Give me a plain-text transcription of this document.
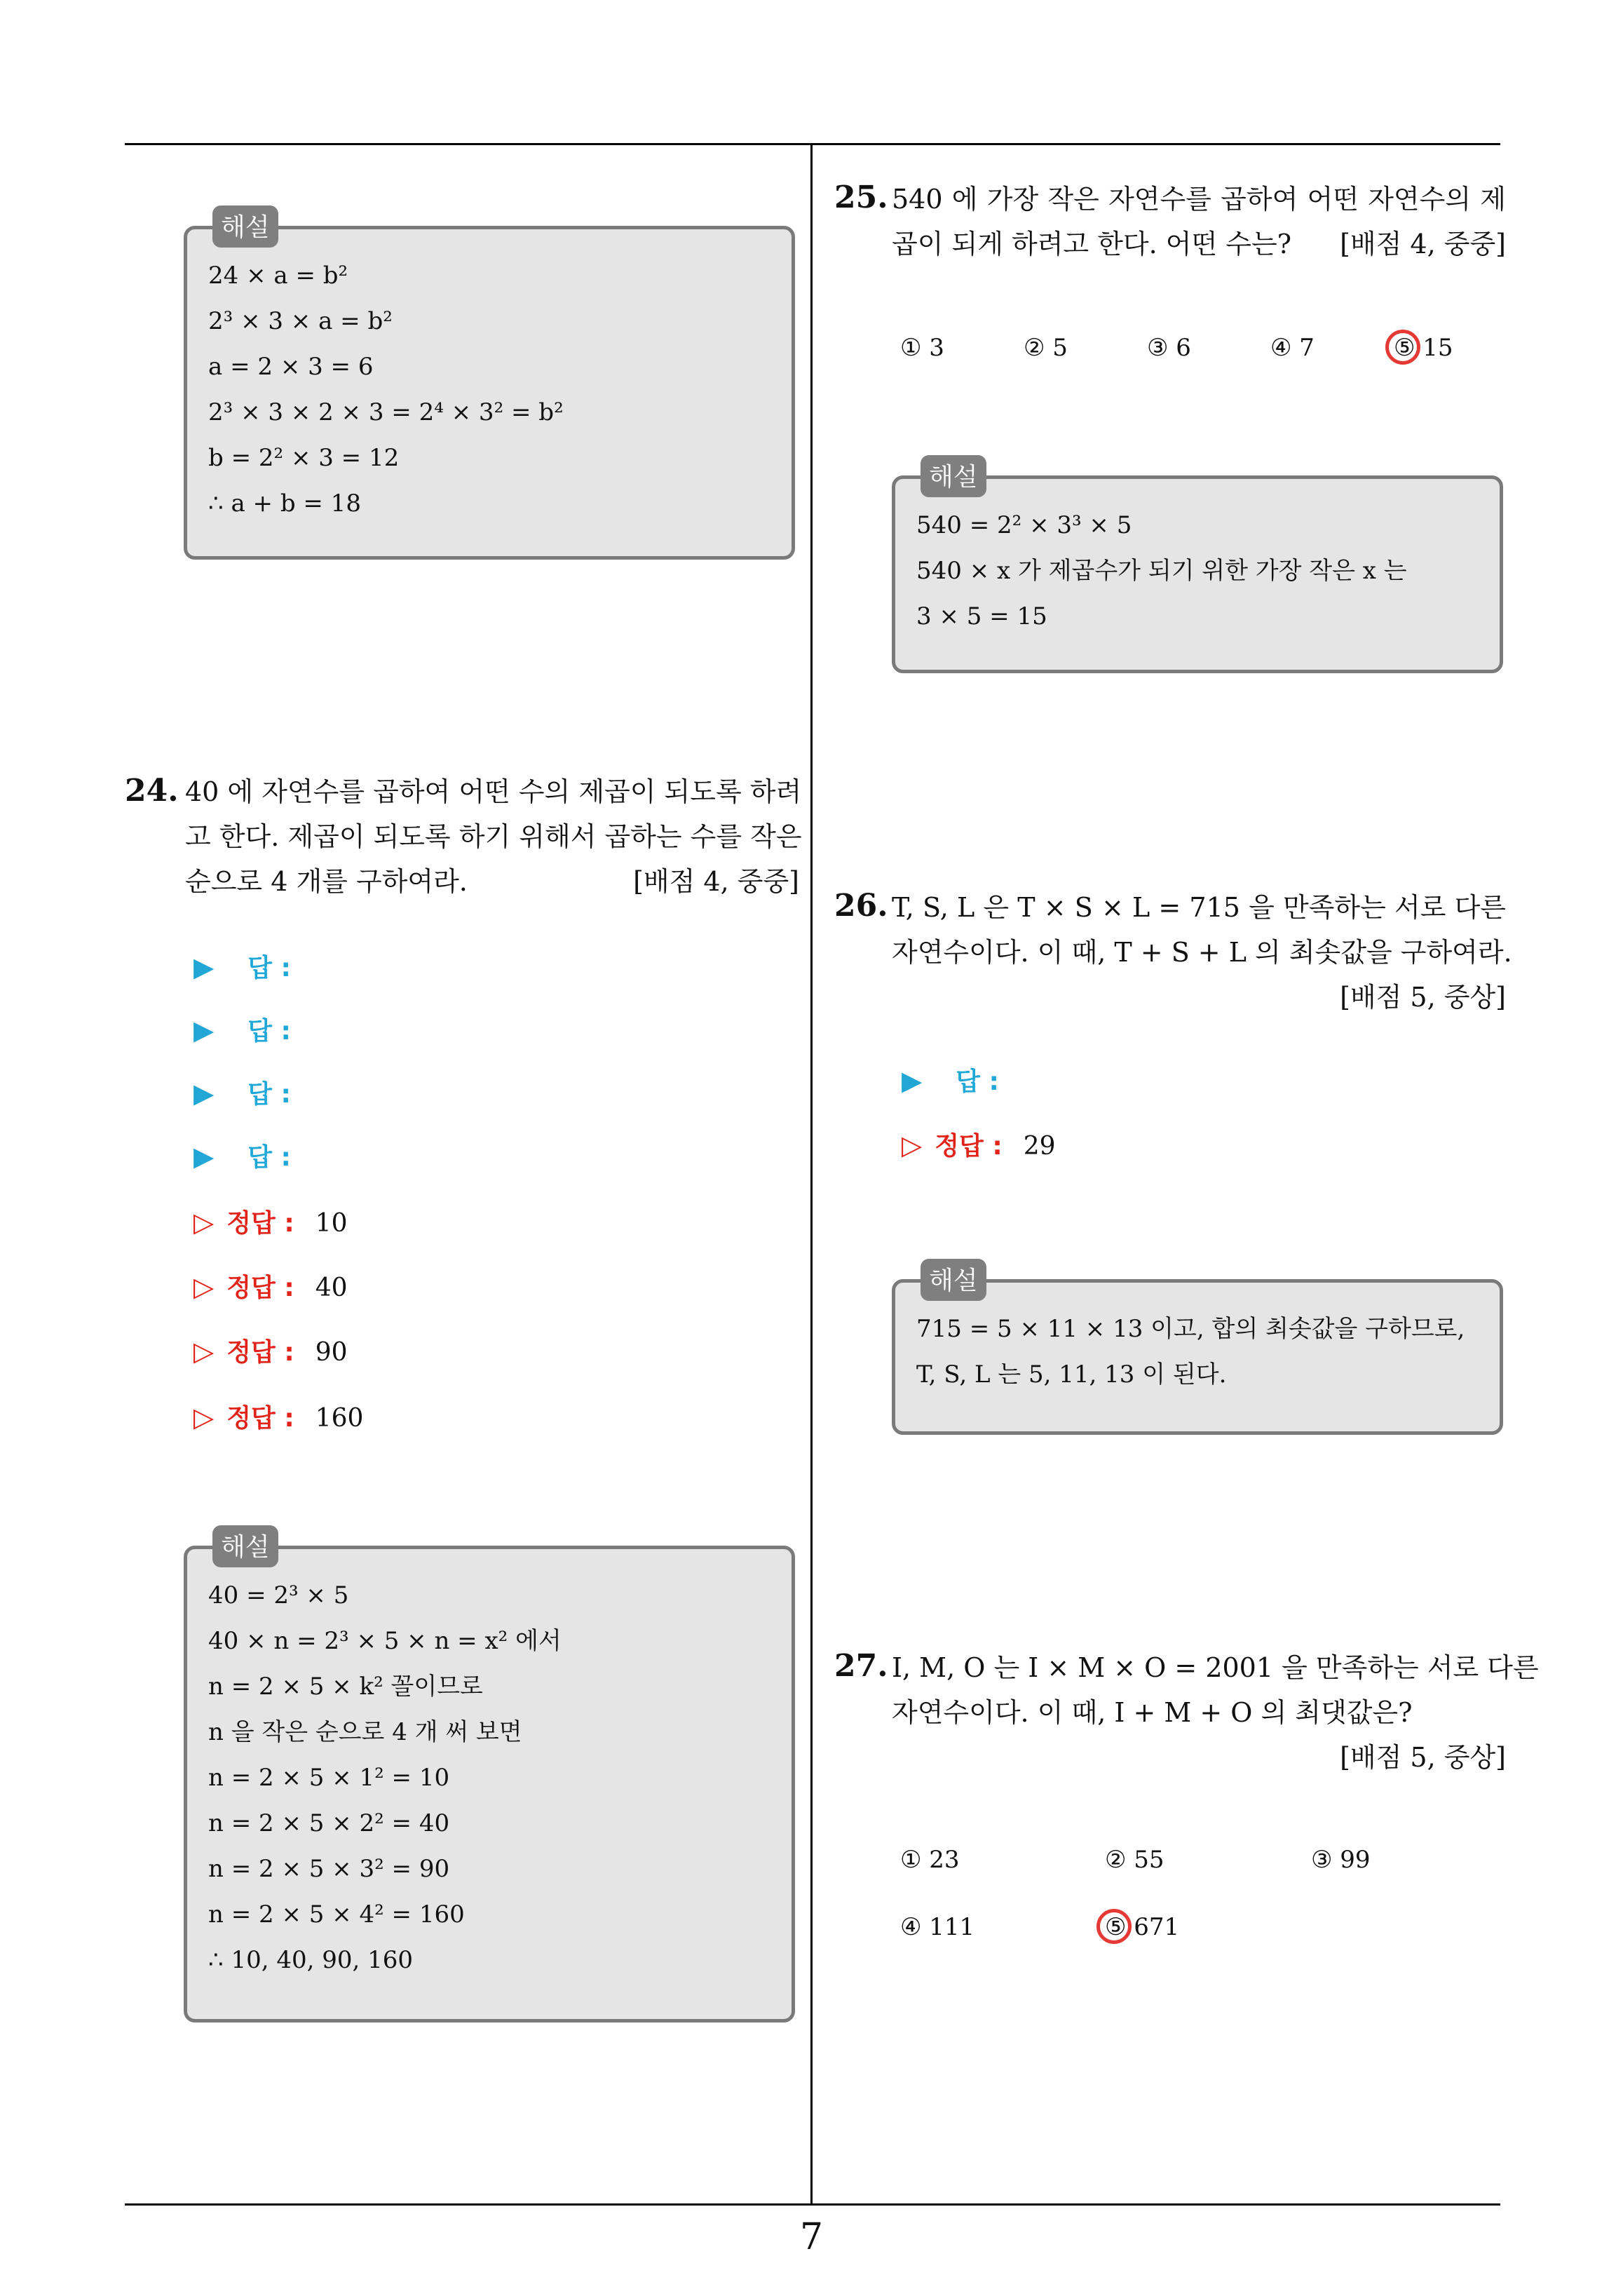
7
해설
24 × a = b²
2³ × 3 × a = b²
a = 2 × 3 = 6
2³ × 3 × 2 × 3 = 2⁴ × 3² = b²
b = 2² × 3 = 12
∴ a + b = 18
24. 40 에 자연수를 곱하여 어떤 수의 제곱이 되도록 하려
고 한다. 제곱이 되도록 하기 위해서 곱하는 수를 작은
순으로 4 개를 구하여라.	[배점 4, 중중]
▶ 답 :
▶ 답 :
▶ 답 :
▶ 답 :
▷ 정답 : 10
▷ 정답 : 40
▷ 정답 : 90
▷ 정답 : 160
해설
40 = 2³ × 5
40 × n = 2³ × 5 × n = x² 에서
n = 2 × 5 × k² 꼴이므로
n 을 작은 순으로 4 개 써 보면
n = 2 × 5 × 1² = 10
n = 2 × 5 × 2² = 40
n = 2 × 5 × 3² = 90
n = 2 × 5 × 4² = 160
∴ 10, 40, 90, 160
25. 540 에 가장 작은 자연수를 곱하여 어떤 자연수의 제
곱이 되게 하려고 한다. 어떤 수는? [배점 4, 중중]
① 3	② 5	③ 6	④ 7	⑤ 15
해설
540 = 2² × 3³ × 5
540 × x 가 제곱수가 되기 위한 가장 작은 x 는
3 × 5 = 15
26. T, S, L 은 T × S × L = 715 을 만족하는 서로 다른
자연수이다. 이 때, T + S + L 의 최솟값을 구하여라.
[배점 5, 중상]
▶ 답 :
▷ 정답 : 29
해설
715 = 5 × 11 × 13 이고, 합의 최솟값을 구하므로,
T, S, L 는 5, 11, 13 이 된다.
27. I, M, O 는 I × M × O = 2001 을 만족하는 서로 다른
자연수이다. 이 때, I + M + O 의 최댓값은?
[배점 5, 중상]
① 23	② 55	③ 99
④ 111	⑤ 671
